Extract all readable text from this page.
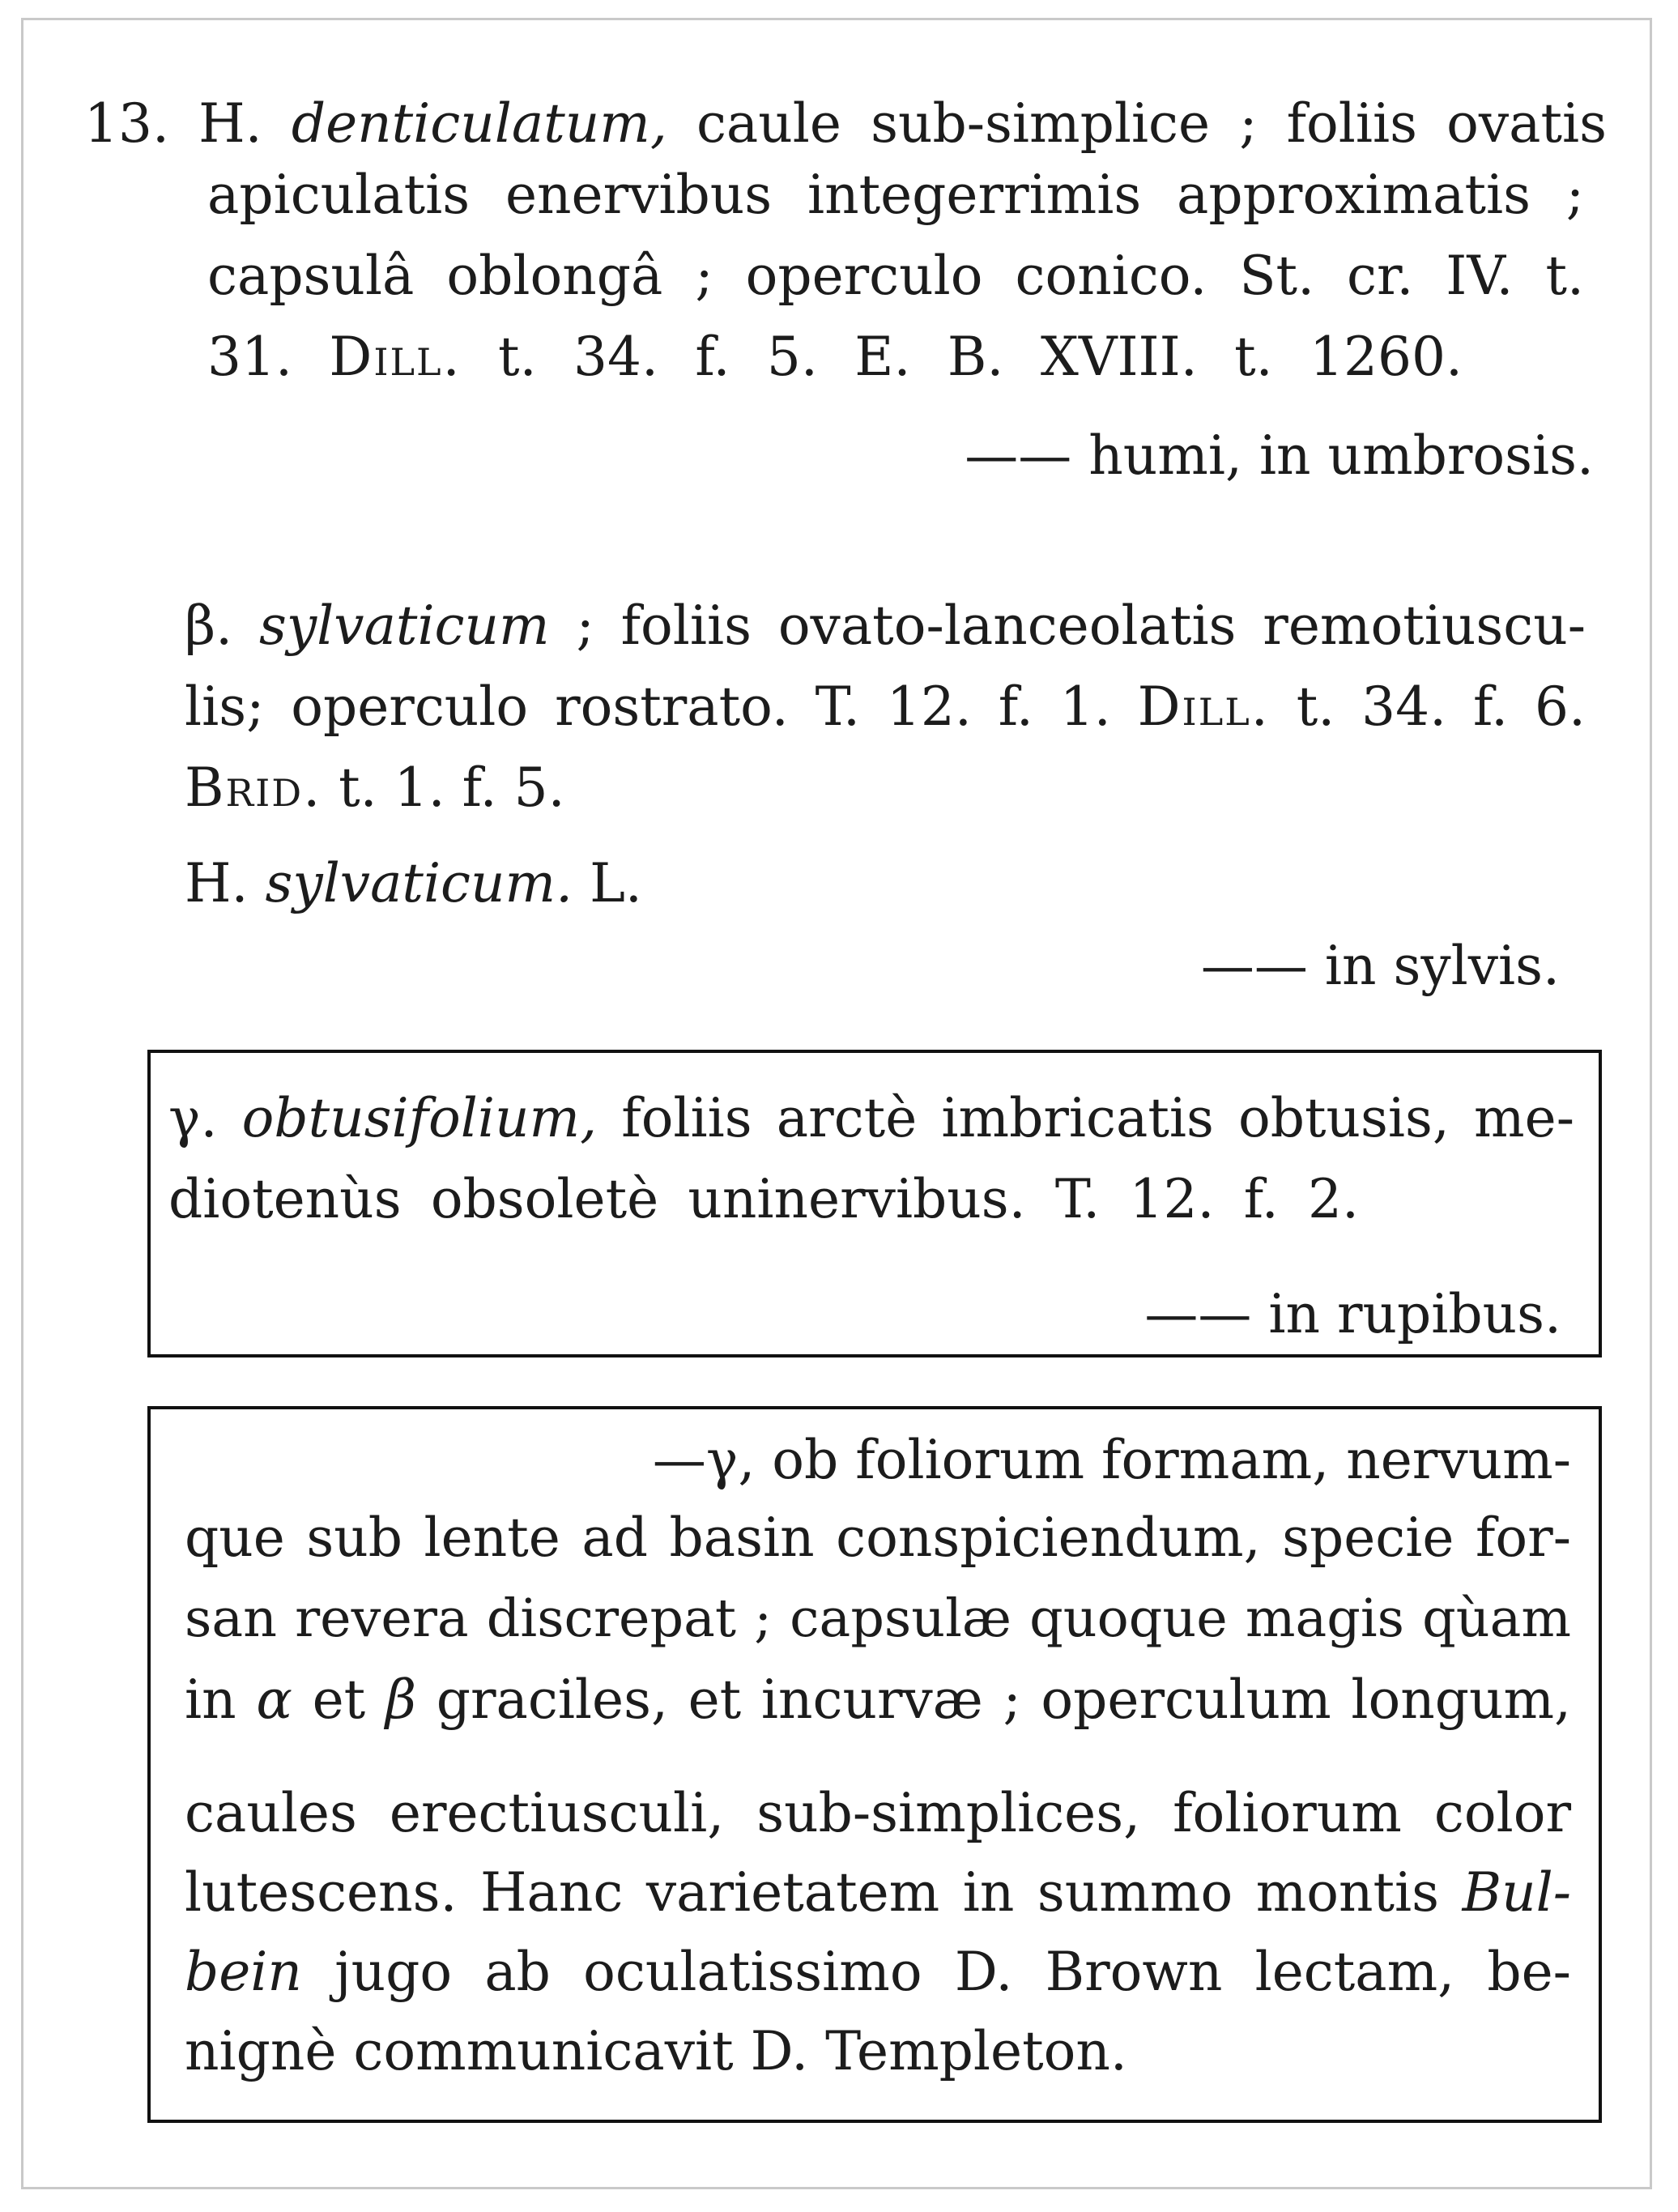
13. H. denticulatum, caule sub-simplice ; foliis ovatis
apiculatis enervibus integerrimis approximatis ;
capsulâ oblongâ ; operculo conico. St. cr. IV. t.
31. Dill. t. 34. f. 5. E. B. XVIII. t. 1260.
—— humi, in umbrosis.
β. sylvaticum ; foliis ovato-lanceolatis remotiuscu-
lis; operculo rostrato. T. 12. f. 1. Dill. t. 34. f. 6.
Brid. t. 1. f. 5.
H. sylvaticum. L.
—— in sylvis.
γ. obtusifolium, foliis arctè imbricatis obtusis, me-
diotenùs obsoletè uninervibus. T. 12. f. 2.
—— in rupibus.
—γ, ob foliorum formam, nervum-
que sub lente ad basin conspiciendum, specie for-
san revera discrepat ; capsulæ quoque magis qùam
in α et β graciles, et incurvæ ; operculum longum,
caules erectiusculi, sub-simplices, foliorum color
lutescens. Hanc varietatem in summo montis Bul-
bein jugo ab oculatissimo D. Brown lectam, be-
nignè communicavit D. Templeton.
